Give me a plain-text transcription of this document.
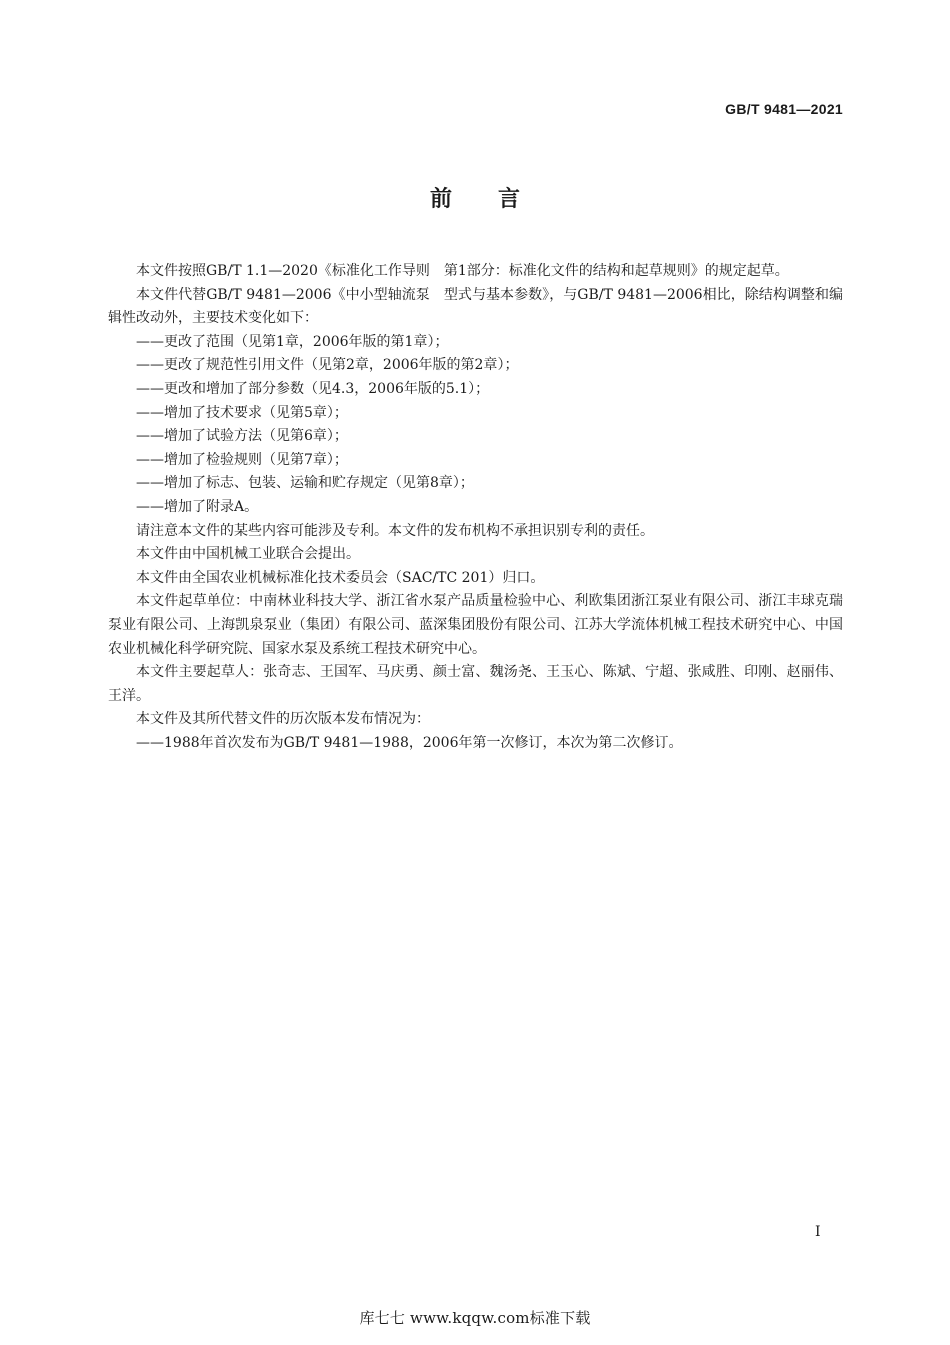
GB/T 9481—2021
前言

本文件按照GB/T 1.1—2020《标准化工作导则　第1部分：标准化文件的结构和起草规则》的规定起草。

本文件代替GB/T 9481—2006《中小型轴流泵　型式与基本参数》，与GB/T 9481—2006相比，除结构调整和编辑性改动外，主要技术变化如下：

——更改了范围（见第1章，2006年版的第1章）；

——更改了规范性引用文件（见第2章，2006年版的第2章）；

——更改和增加了部分参数（见4.3，2006年版的5.1）；

——增加了技术要求（见第5章）；

——增加了试验方法（见第6章）；

——增加了检验规则（见第7章）；

——增加了标志、包装、运输和贮存规定（见第8章）；

——增加了附录A。

请注意本文件的某些内容可能涉及专利。本文件的发布机构不承担识别专利的责任。

本文件由中国机械工业联合会提出。

本文件由全国农业机械标准化技术委员会（SAC/TC 201）归口。

本文件起草单位：中南林业科技大学、浙江省水泵产品质量检验中心、利欧集团浙江泵业有限公司、浙江丰球克瑞泵业有限公司、上海凯泉泵业（集团）有限公司、蓝深集团股份有限公司、江苏大学流体机械工程技术研究中心、中国农业机械化科学研究院、国家水泵及系统工程技术研究中心。

本文件主要起草人：张奇志、王国军、马庆勇、颜士富、魏汤尧、王玉心、陈斌、宁超、张咸胜、印刚、赵丽伟、王洋。

本文件及其所代替文件的历次版本发布情况为：

——1988年首次发布为GB/T 9481—1988，2006年第一次修订，本次为第二次修订。

I
库七七 www.kqqw.com标准下载
